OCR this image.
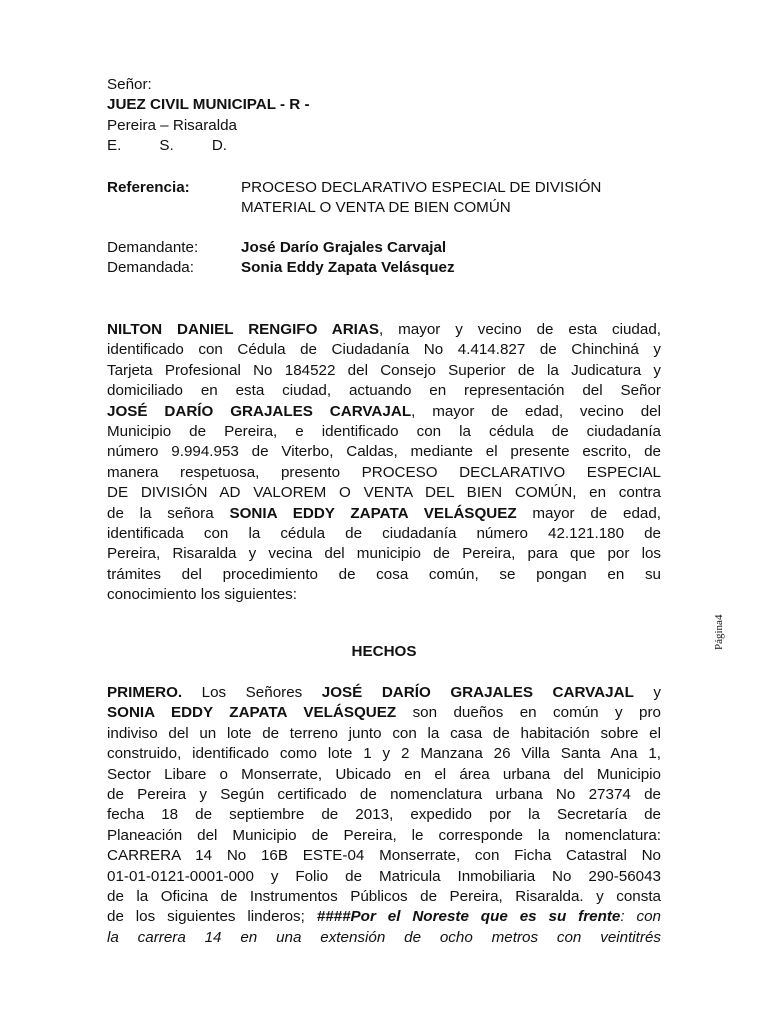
Señor:
JUEZ CIVIL MUNICIPAL - R -
Pereira – Risaralda
E.	S.	D.
Referencia:	PROCESO DECLARATIVO ESPECIAL DE DIVISIÓN
MATERIAL O VENTA DE BIEN COMÚN
Demandante:	José Darío Grajales Carvajal
Demandada:	Sonia Eddy Zapata Velásquez
NILTON DANIEL RENGIFO ARIAS, mayor y vecino de esta ciudad,
identificado con Cédula de Ciudadanía No 4.414.827 de Chinchiná y
Tarjeta Profesional No 184522 del Consejo Superior de la Judicatura y
domiciliado en esta ciudad, actuando en representación del Señor
JOSÉ DARÍO GRAJALES CARVAJAL, mayor de edad, vecino del
Municipio de Pereira, e identificado con la cédula de ciudadanía
número 9.994.953 de Viterbo, Caldas, mediante el presente escrito, de
manera respetuosa, presento PROCESO DECLARATIVO ESPECIAL
DE DIVISIÓN AD VALOREM O VENTA DEL BIEN COMÚN, en contra
de la señora SONIA EDDY ZAPATA VELÁSQUEZ mayor de edad,
identificada con la cédula de ciudadanía número 42.121.180 de
Pereira, Risaralda y vecina del municipio de Pereira, para que por los
trámites del procedimiento de cosa común, se pongan en su
conocimiento los siguientes:
HECHOS
PRIMERO. Los Señores JOSÉ DARÍO GRAJALES CARVAJAL y
SONIA EDDY ZAPATA VELÁSQUEZ son dueños en común y pro
indiviso del un lote de terreno junto con la casa de habitación sobre el
construido, identificado como lote 1 y 2 Manzana 26 Villa Santa Ana 1,
Sector Libare o Monserrate, Ubicado en el área urbana del Municipio
de Pereira y Según certificado de nomenclatura urbana No 27374 de
fecha 18 de septiembre de 2013, expedido por la Secretaría de
Planeación del Municipio de Pereira, le corresponde la nomenclatura:
CARRERA 14 No 16B ESTE-04 Monserrate, con Ficha Catastral No
01-01-0121-0001-000 y Folio de Matricula Inmobiliaria No 290-56043
de la Oficina de Instrumentos Públicos de Pereira, Risaralda. y consta
de los siguientes linderos; ####Por el Noreste que es su frente: con
la carrera 14 en una extensión de ocho metros con veintitrés
Página4
